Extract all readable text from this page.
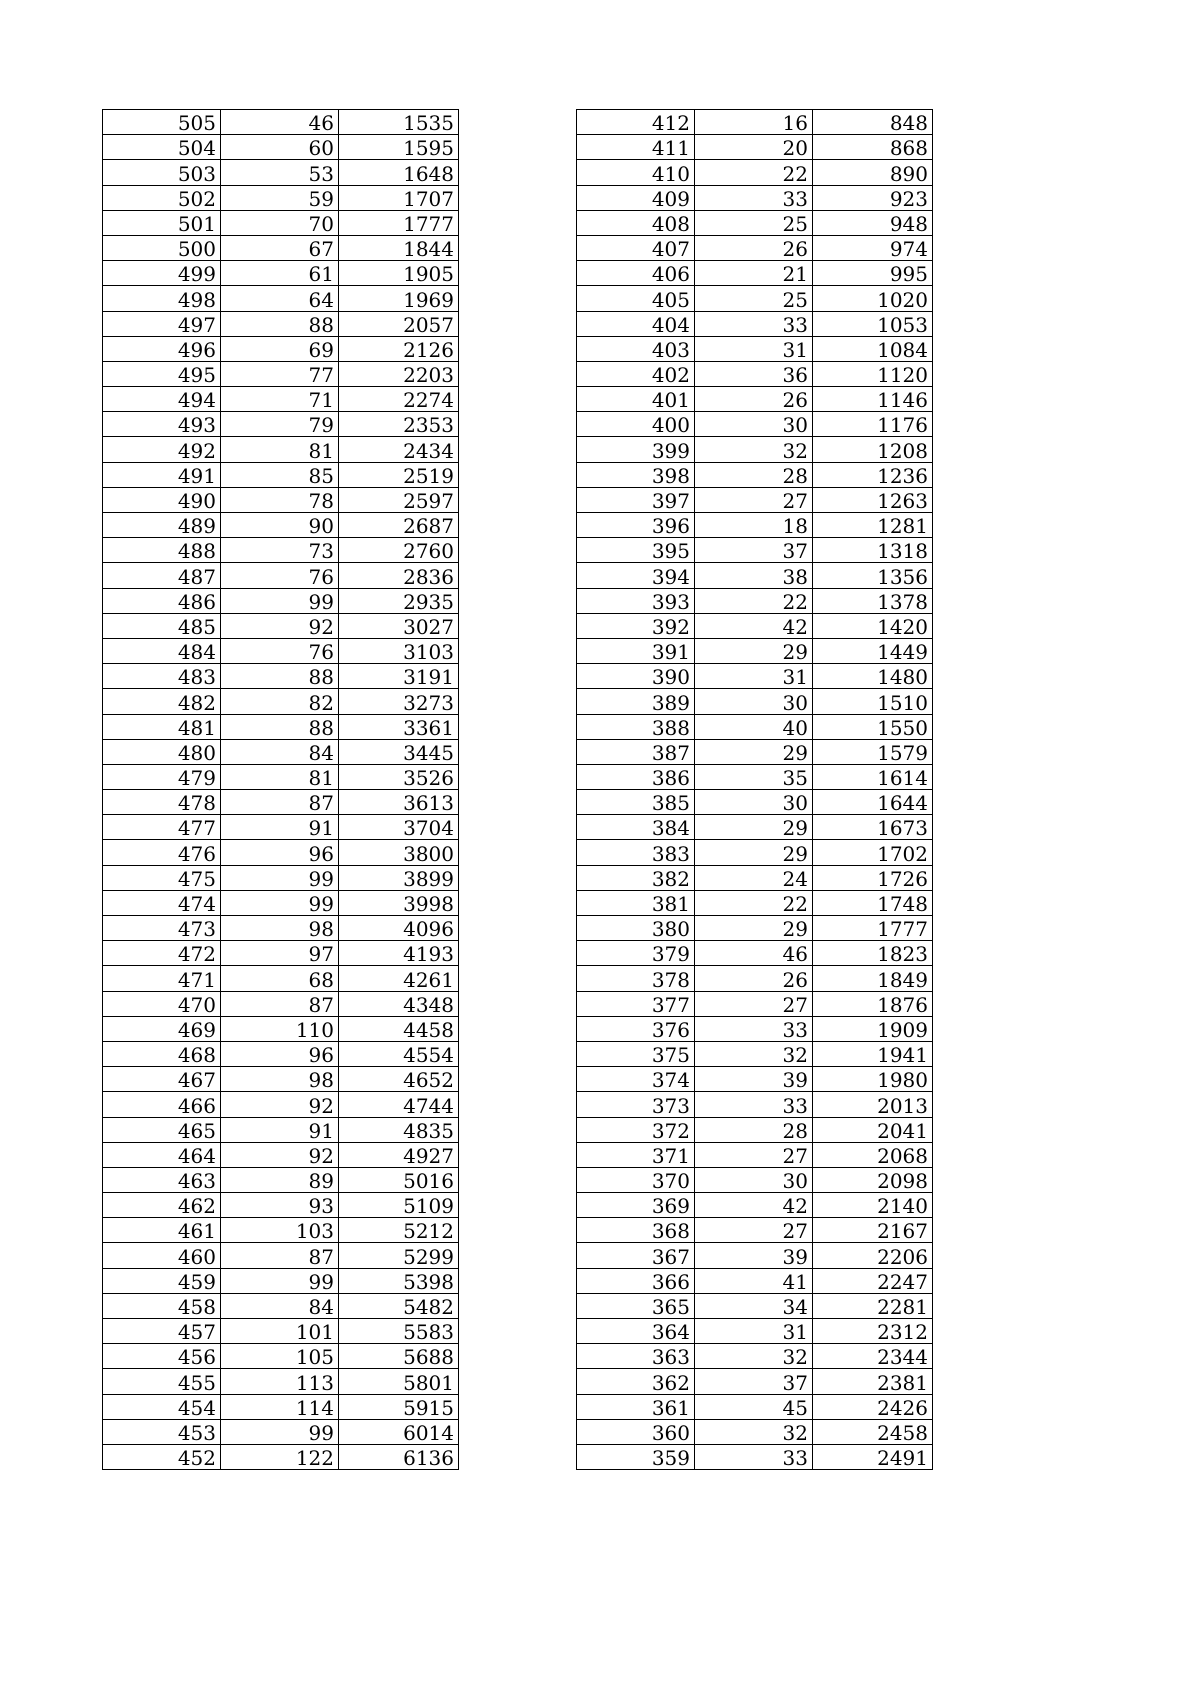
505	46	1535
504	60	1595
503	53	1648
502	59	1707
501	70	1777
500	67	1844
499	61	1905
498	64	1969
497	88	2057
496	69	2126
495	77	2203
494	71	2274
493	79	2353
492	81	2434
491	85	2519
490	78	2597
489	90	2687
488	73	2760
487	76	2836
486	99	2935
485	92	3027
484	76	3103
483	88	3191
482	82	3273
481	88	3361
480	84	3445
479	81	3526
478	87	3613
477	91	3704
476	96	3800
475	99	3899
474	99	3998
473	98	4096
472	97	4193
471	68	4261
470	87	4348
469	110	4458
468	96	4554
467	98	4652
466	92	4744
465	91	4835
464	92	4927
463	89	5016
462	93	5109
461	103	5212
460	87	5299
459	99	5398
458	84	5482
457	101	5583
456	105	5688
455	113	5801
454	114	5915
453	99	6014
452	122	6136
412	16	848
411	20	868
410	22	890
409	33	923
408	25	948
407	26	974
406	21	995
405	25	1020
404	33	1053
403	31	1084
402	36	1120
401	26	1146
400	30	1176
399	32	1208
398	28	1236
397	27	1263
396	18	1281
395	37	1318
394	38	1356
393	22	1378
392	42	1420
391	29	1449
390	31	1480
389	30	1510
388	40	1550
387	29	1579
386	35	1614
385	30	1644
384	29	1673
383	29	1702
382	24	1726
381	22	1748
380	29	1777
379	46	1823
378	26	1849
377	27	1876
376	33	1909
375	32	1941
374	39	1980
373	33	2013
372	28	2041
371	27	2068
370	30	2098
369	42	2140
368	27	2167
367	39	2206
366	41	2247
365	34	2281
364	31	2312
363	32	2344
362	37	2381
361	45	2426
360	32	2458
359	33	2491
